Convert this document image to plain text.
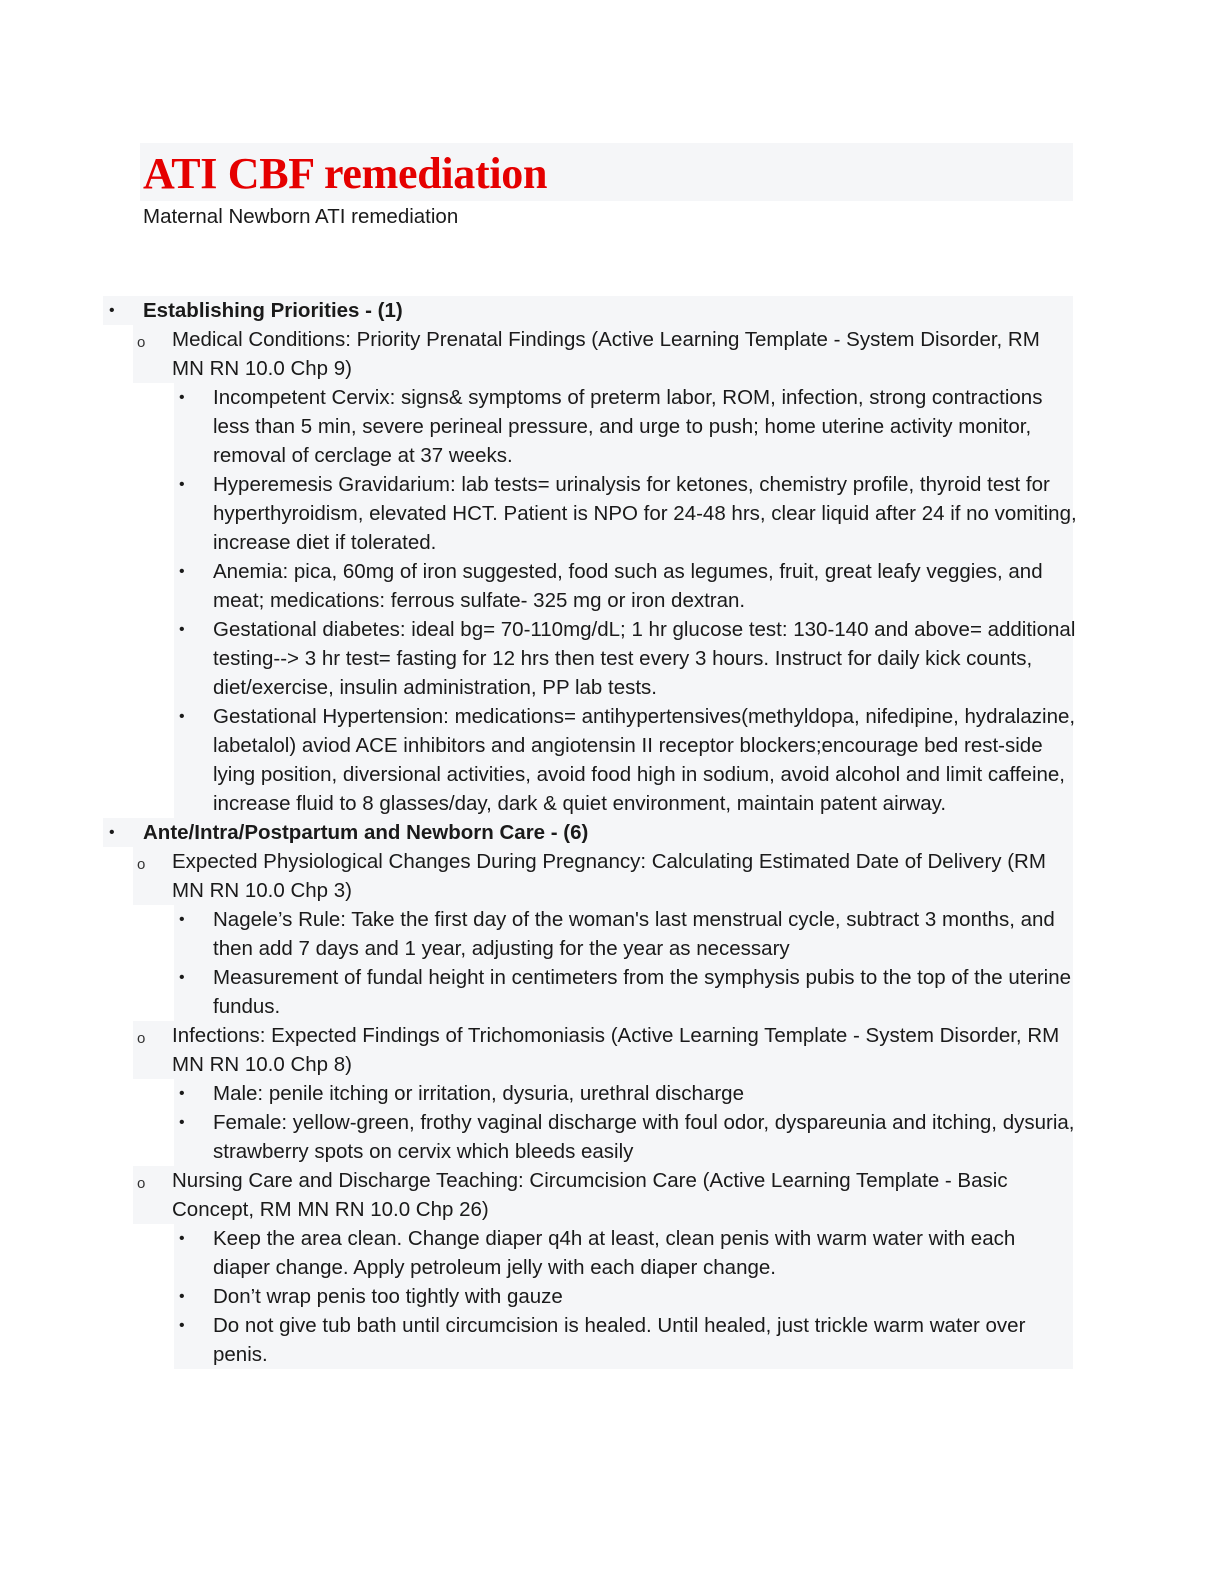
ATI CBF remediation

Maternal Newborn ATI remediation

• Establishing Priorities - (1)
o Medical Conditions: Priority Prenatal Findings (Active Learning Template - System Disorder, RM MN RN 10.0 Chp 9)
• Incompetent Cervix: signs& symptoms of preterm labor, ROM, infection, strong contractions less than 5 min, severe perineal pressure, and urge to push; home uterine activity monitor, removal of cerclage at 37 weeks.
• Hyperemesis Gravidarium: lab tests= urinalysis for ketones, chemistry profile, thyroid test for hyperthyroidism, elevated HCT. Patient is NPO for 24-48 hrs, clear liquid after 24 if no vomiting, increase diet if tolerated.
• Anemia: pica, 60mg of iron suggested, food such as legumes, fruit, great leafy veggies, and meat; medications: ferrous sulfate- 325 mg or iron dextran.
• Gestational diabetes: ideal bg= 70-110mg/dL; 1 hr glucose test: 130-140 and above= additional testing--> 3 hr test= fasting for 12 hrs then test every 3 hours. Instruct for daily kick counts, diet/exercise, insulin administration, PP lab tests.
• Gestational Hypertension: medications= antihypertensives(methyldopa, nifedipine, hydralazine, labetalol) aviod ACE inhibitors and angiotensin II receptor blockers;encourage bed rest-side lying position, diversional activities, avoid food high in sodium, avoid alcohol and limit caffeine, increase fluid to 8 glasses/day, dark & quiet environment, maintain patent airway.
• Ante/Intra/Postpartum and Newborn Care - (6)
o Expected Physiological Changes During Pregnancy: Calculating Estimated Date of Delivery (RM MN RN 10.0 Chp 3)
• Nagele’s Rule: Take the first day of the woman's last menstrual cycle, subtract 3 months, and then add 7 days and 1 year, adjusting for the year as necessary
• Measurement of fundal height in centimeters from the symphysis pubis to the top of the uterine fundus.
o Infections: Expected Findings of Trichomoniasis (Active Learning Template - System Disorder, RM MN RN 10.0 Chp 8)
• Male: penile itching or irritation, dysuria, urethral discharge
• Female: yellow-green, frothy vaginal discharge with foul odor, dyspareunia and itching, dysuria, strawberry spots on cervix which bleeds easily
o Nursing Care and Discharge Teaching: Circumcision Care (Active Learning Template - Basic Concept, RM MN RN 10.0 Chp 26)
• Keep the area clean. Change diaper q4h at least, clean penis with warm water with each diaper change. Apply petroleum jelly with each diaper change.
• Don’t wrap penis too tightly with gauze
• Do not give tub bath until circumcision is healed. Until healed, just trickle warm water over penis.
